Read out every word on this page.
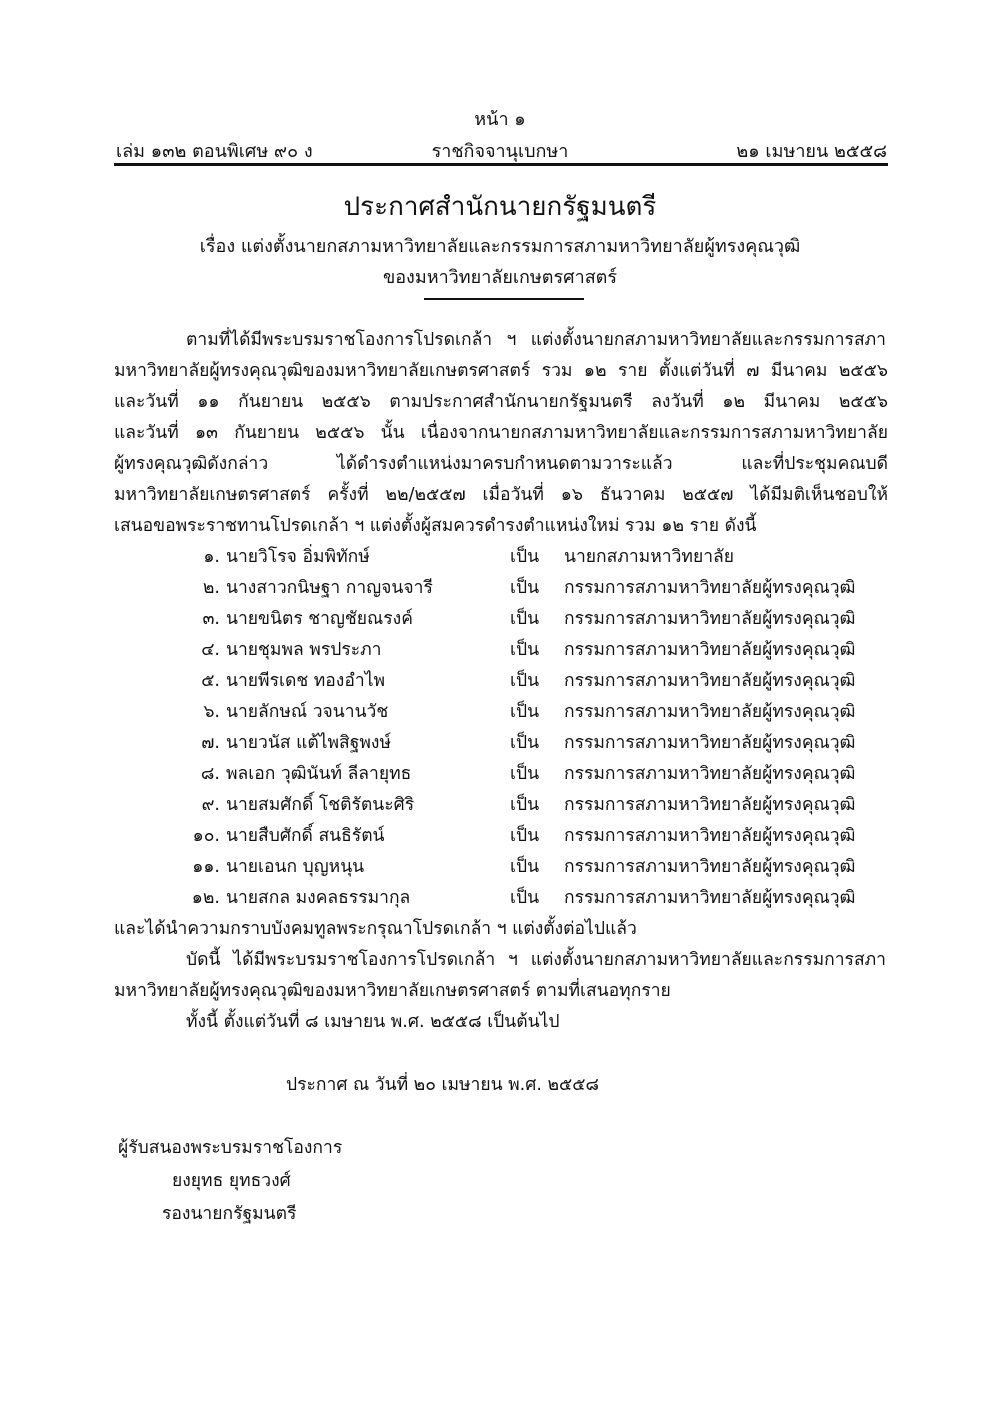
หน้า ๑
เล่ม ๑๓๒ ตอนพิเศษ ๙๐ ง	ราชกิจจานุเบกษา	๒๑ เมษายน ๒๕๕๘
ประกาศสำนักนายกรัฐมนตรี
เรื่อง แต่งตั้งนายกสภามหาวิทยาลัยและกรรมการสภามหาวิทยาลัยผู้ทรงคุณวุฒิ
ของมหาวิทยาลัยเกษตรศาสตร์
ตามที่ได้มีพระบรมราชโองการโปรดเกล้า ฯ แต่งตั้งนายกสภามหาวิทยาลัยและกรรมการสภา
มหาวิทยาลัยผู้ทรงคุณวุฒิของมหาวิทยาลัยเกษตรศาสตร์ รวม ๑๒ ราย ตั้งแต่วันที่ ๗ มีนาคม ๒๕๕๖
และวันที่ ๑๑ กันยายน ๒๕๕๖ ตามประกาศสำนักนายกรัฐมนตรี ลงวันที่ ๑๒ มีนาคม ๒๕๕๖
และวันที่ ๑๓ กันยายน ๒๕๕๖ นั้น เนื่องจากนายกสภามหาวิทยาลัยและกรรมการสภามหาวิทยาลัย
ผู้ทรงคุณวุฒิดังกล่าว ได้ดำรงตำแหน่งมาครบกำหนดตามวาระแล้ว และที่ประชุมคณบดี
มหาวิทยาลัยเกษตรศาสตร์ ครั้งที่ ๒๒/๒๕๕๗ เมื่อวันที่ ๑๖ ธันวาคม ๒๕๕๗ ได้มีมติเห็นชอบให้
เสนอขอพระราชทานโปรดเกล้า ฯ แต่งตั้งผู้สมควรดำรงตำแหน่งใหม่ รวม ๑๒ ราย ดังนี้
๑. นายวิโรจ อิ่มพิทักษ์	เป็น นายกสภามหาวิทยาลัย
๒. นางสาวกนิษฐา กาญจนจารี	เป็น กรรมการสภามหาวิทยาลัยผู้ทรงคุณวุฒิ
๓. นายขนิตร ชาญชัยณรงค์	เป็น กรรมการสภามหาวิทยาลัยผู้ทรงคุณวุฒิ
๔. นายชุมพล พรประภา	เป็น กรรมการสภามหาวิทยาลัยผู้ทรงคุณวุฒิ
๕. นายพีรเดช ทองอำไพ	เป็น กรรมการสภามหาวิทยาลัยผู้ทรงคุณวุฒิ
๖. นายลักษณ์ วจนานวัช	เป็น กรรมการสภามหาวิทยาลัยผู้ทรงคุณวุฒิ
๗. นายวนัส แต้ไพสิฐพงษ์	เป็น กรรมการสภามหาวิทยาลัยผู้ทรงคุณวุฒิ
๘. พลเอก วุฒินันท์ ลีลายุทธ	เป็น กรรมการสภามหาวิทยาลัยผู้ทรงคุณวุฒิ
๙. นายสมศักดิ์ โชติรัตนะศิริ	เป็น กรรมการสภามหาวิทยาลัยผู้ทรงคุณวุฒิ
๑๐. นายสืบศักดิ์ สนธิรัตน์	เป็น กรรมการสภามหาวิทยาลัยผู้ทรงคุณวุฒิ
๑๑. นายเอนก บุญหนุน	เป็น กรรมการสภามหาวิทยาลัยผู้ทรงคุณวุฒิ
๑๒. นายสกล มงคลธรรมากุล	เป็น กรรมการสภามหาวิทยาลัยผู้ทรงคุณวุฒิ
และได้นำความกราบบังคมทูลพระกรุณาโปรดเกล้า ฯ แต่งตั้งต่อไปแล้ว
บัดนี้ ได้มีพระบรมราชโองการโปรดเกล้า ฯ แต่งตั้งนายกสภามหาวิทยาลัยและกรรมการสภา
มหาวิทยาลัยผู้ทรงคุณวุฒิของมหาวิทยาลัยเกษตรศาสตร์ ตามที่เสนอทุกราย
ทั้งนี้ ตั้งแต่วันที่ ๘ เมษายน พ.ศ. ๒๕๕๘ เป็นต้นไป
ประกาศ ณ วันที่ ๒๐ เมษายน พ.ศ. ๒๕๕๘
ผู้รับสนองพระบรมราชโองการ
ยงยุทธ ยุทธวงศ์
รองนายกรัฐมนตรี
